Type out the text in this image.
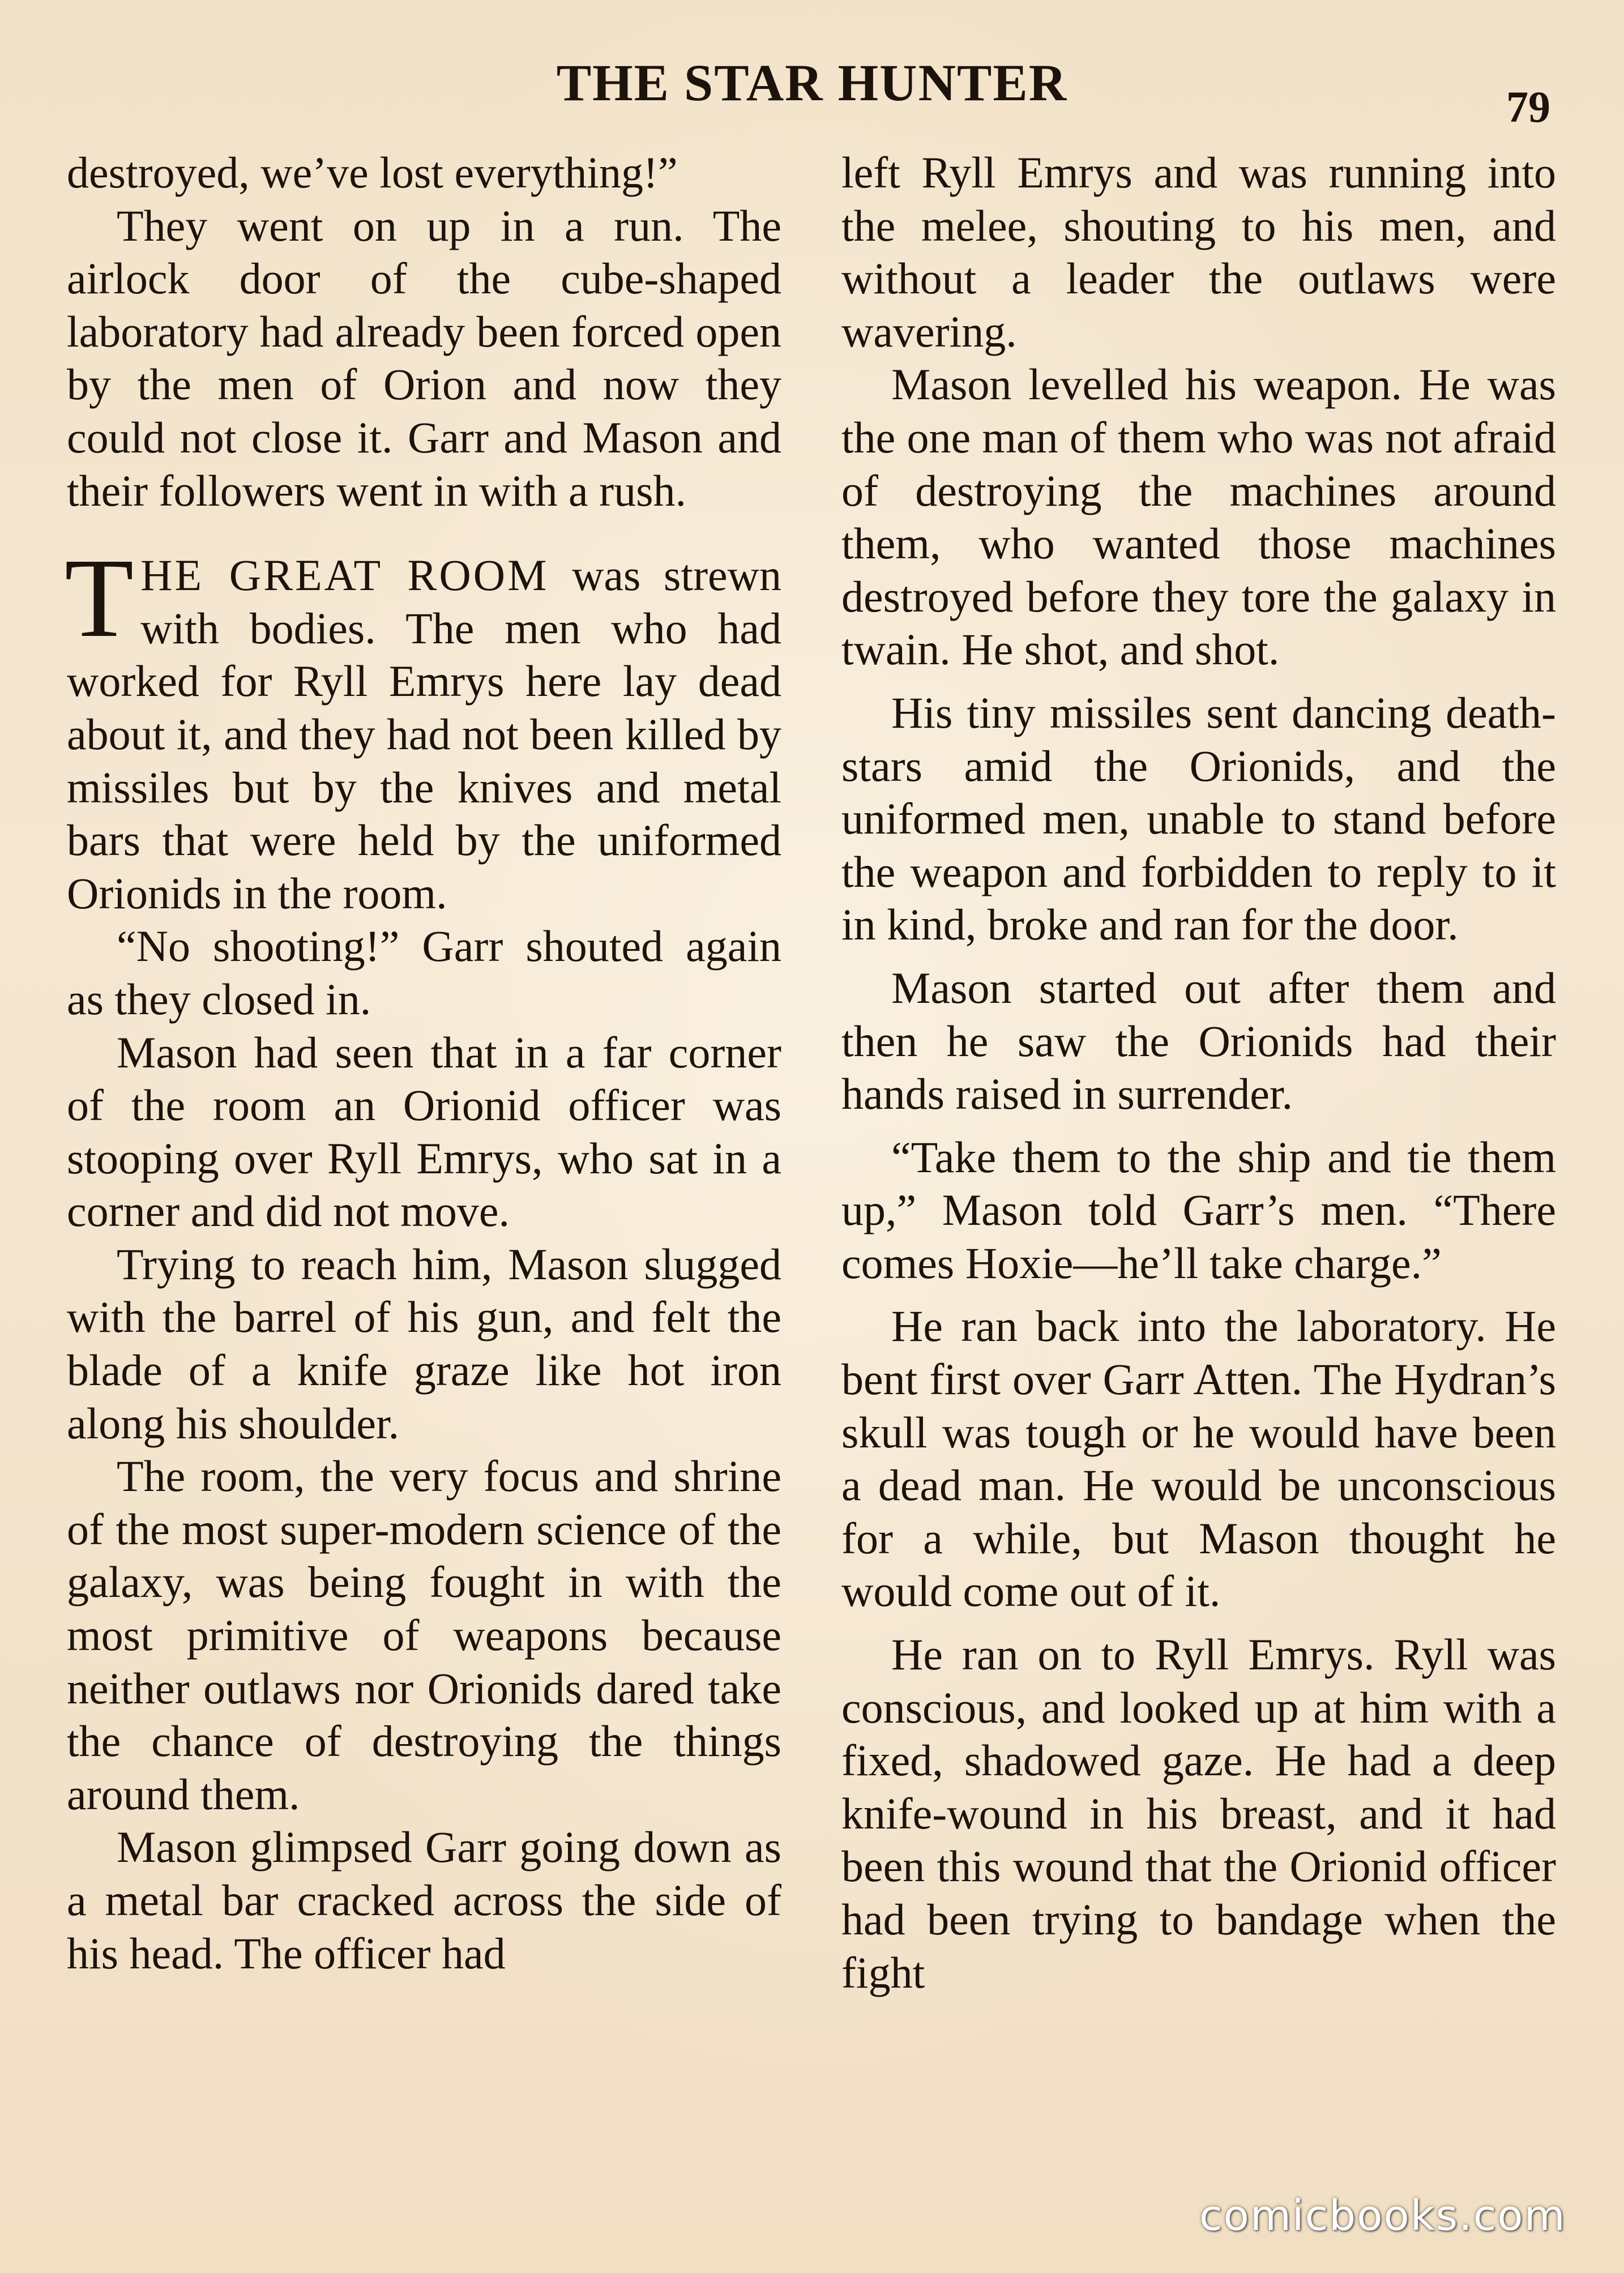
THE STAR HUNTER	79

destroyed, we’ve lost everything!”

They went on up in a run. The airlock door of the cube-shaped laboratory had already been forced open by the men of Orion and now they could not close it. Garr and Mason and their followers went in with a rush.

THE GREAT ROOM was strewn with bodies. The men who had worked for Ryll Emrys here lay dead about it, and they had not been killed by missiles but by the knives and metal bars that were held by the uniformed Orionids in the room.

“No shooting!” Garr shouted again as they closed in.

Mason had seen that in a far corner of the room an Orionid officer was stooping over Ryll Emrys, who sat in a corner and did not move.

Trying to reach him, Mason slugged with the barrel of his gun, and felt the blade of a knife graze like hot iron along his shoulder.

The room, the very focus and shrine of the most super-modern science of the galaxy, was being fought in with the most primitive of weapons because neither outlaws nor Orionids dared take the chance of destroying the things around them.

Mason glimpsed Garr going down as a metal bar cracked across the side of his head. The officer had

left Ryll Emrys and was running into the melee, shouting to his men, and without a leader the outlaws were wavering.

Mason levelled his weapon. He was the one man of them who was not afraid of destroying the machines around them, who wanted those machines destroyed before they tore the galaxy in twain. He shot, and shot.

His tiny missiles sent dancing death-stars amid the Orionids, and the uniformed men, unable to stand before the weapon and forbidden to reply to it in kind, broke and ran for the door.

Mason started out after them and then he saw the Orionids had their hands raised in surrender.

“Take them to the ship and tie them up,” Mason told Garr’s men. “There comes Hoxie—he’ll take charge.”

He ran back into the laboratory. He bent first over Garr Atten. The Hydran’s skull was tough or he would have been a dead man. He would be unconscious for a while, but Mason thought he would come out of it.

He ran on to Ryll Emrys. Ryll was conscious, and looked up at him with a fixed, shadowed gaze. He had a deep knife-wound in his breast, and it had been this wound that the Orionid officer had been trying to bandage when the fight

comicbooks.com
